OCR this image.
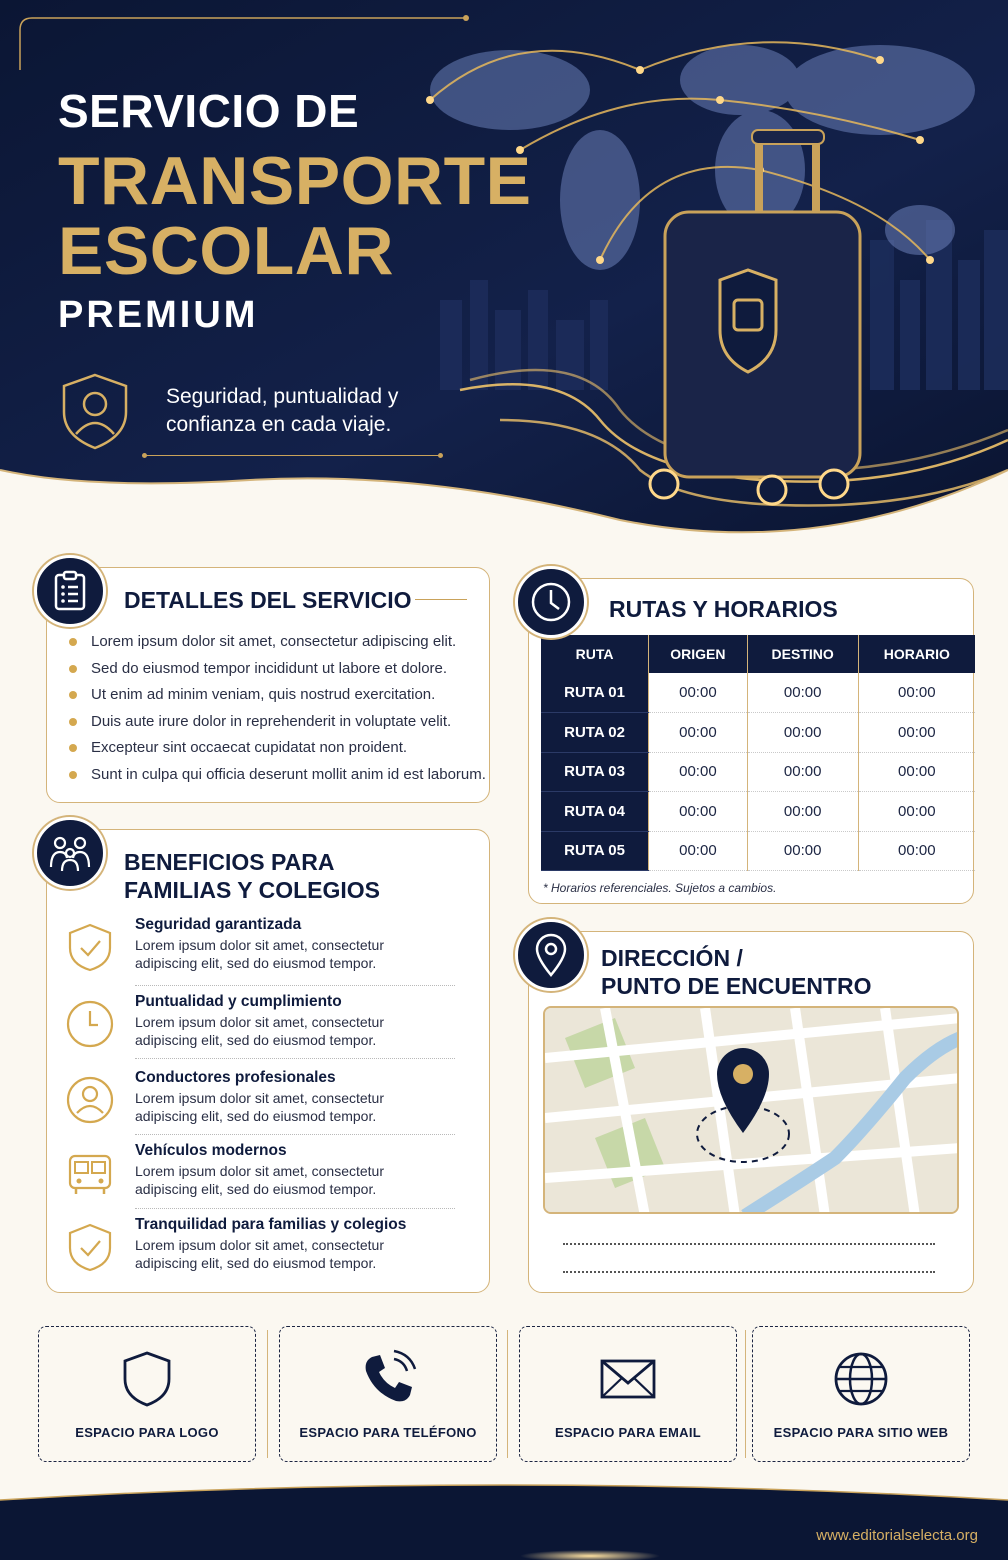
SERVICIO DE
TRANSPORTE
ESCOLAR
PREMIUM
Seguridad, puntualidad y confianza en cada viaje.
DETALLES DEL SERVICIO
Lorem ipsum dolor sit amet, consectetur adipiscing elit.
Sed do eiusmod tempor incididunt ut labore et dolore.
Ut enim ad minim veniam, quis nostrud exercitation.
Duis aute irure dolor in reprehenderit in voluptate velit.
Excepteur sint occaecat cupidatat non proident.
Sunt in culpa qui officia deserunt mollit anim id est laborum.
BENEFICIOS PARA
FAMILIAS Y COLEGIOS
Seguridad garantizada
Lorem ipsum dolor sit amet, consectetur adipiscing elit, sed do eiusmod tempor.
Puntualidad y cumplimiento
Lorem ipsum dolor sit amet, consectetur adipiscing elit, sed do eiusmod tempor.
Conductores profesionales
Lorem ipsum dolor sit amet, consectetur adipiscing elit, sed do eiusmod tempor.
Vehículos modernos
Lorem ipsum dolor sit amet, consectetur adipiscing elit, sed do eiusmod tempor.
Tranquilidad para familias y colegios
Lorem ipsum dolor sit amet, consectetur adipiscing elit, sed do eiusmod tempor.
RUTAS Y HORARIOS
RUTA	ORIGEN	DESTINO	HORARIO
RUTA 01	00:00	00:00	00:00
RUTA 02	00:00	00:00	00:00
RUTA 03	00:00	00:00	00:00
RUTA 04	00:00	00:00	00:00
RUTA 05	00:00	00:00	00:00
* Horarios referenciales. Sujetos a cambios.
DIRECCIÓN /
PUNTO DE ENCUENTRO
ESPACIO PARA LOGO	ESPACIO PARA TELÉFONO	ESPACIO PARA EMAIL	ESPACIO PARA SITIO WEB
www.editorialselecta.org
